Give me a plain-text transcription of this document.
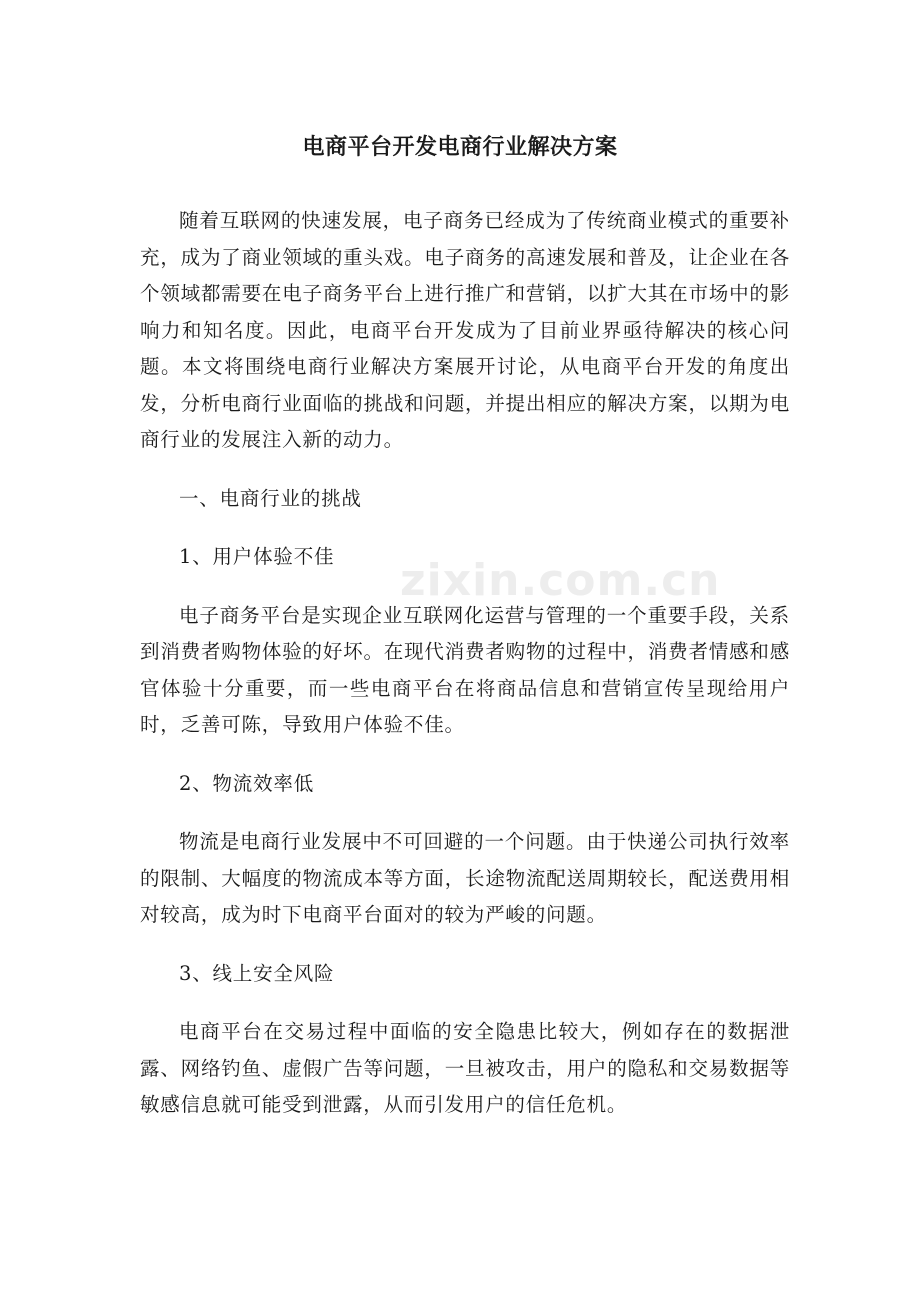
zixin.com.cn
电商平台开发电商行业解决方案

随着互联网的快速发展，电子商务已经成为了传统商业模式的重要补充，成为了商业领域的重头戏。电子商务的高速发展和普及，让企业在各个领域都需要在电子商务平台上进行推广和营销，以扩大其在市场中的影响力和知名度。因此，电商平台开发成为了目前业界亟待解决的核心问题。本文将围绕电商行业解决方案展开讨论，从电商平台开发的角度出发，分析电商行业面临的挑战和问题，并提出相应的解决方案，以期为电商行业的发展注入新的动力。

一、电商行业的挑战

1、用户体验不佳

电子商务平台是实现企业互联网化运营与管理的一个重要手段，关系到消费者购物体验的好坏。在现代消费者购物的过程中，消费者情感和感官体验十分重要，而一些电商平台在将商品信息和营销宣传呈现给用户时，乏善可陈，导致用户体验不佳。

2、物流效率低

物流是电商行业发展中不可回避的一个问题。由于快递公司执行效率的限制、大幅度的物流成本等方面，长途物流配送周期较长，配送费用相对较高，成为时下电商平台面对的较为严峻的问题。

3、线上安全风险

电商平台在交易过程中面临的安全隐患比较大，例如存在的数据泄露、网络钓鱼、虚假广告等问题，一旦被攻击，用户的隐私和交易数据等敏感信息就可能受到泄露，从而引发用户的信任危机。
